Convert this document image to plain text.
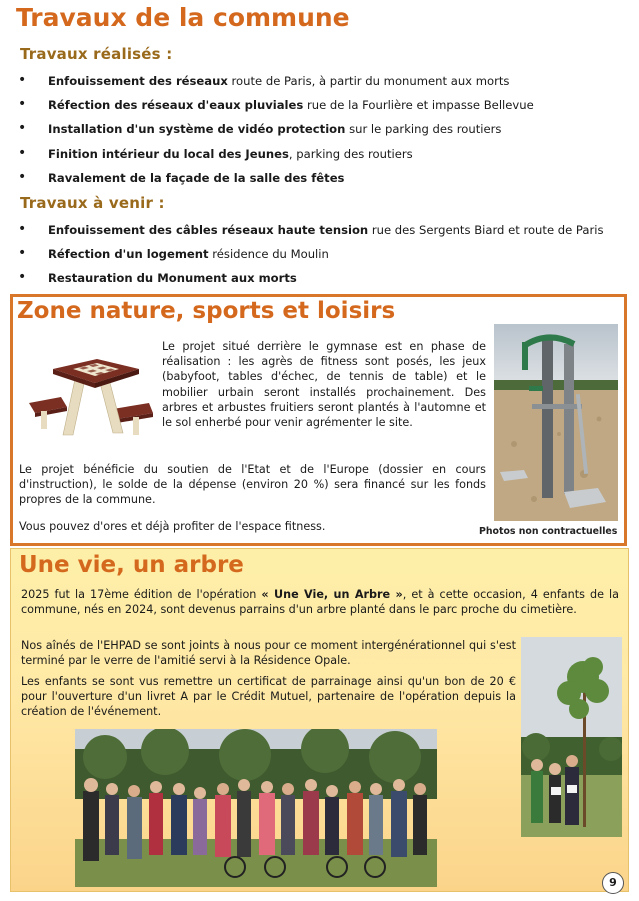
Travaux de la commune
Travaux réalisés :
• Enfouissement des réseaux route de Paris, à partir du monument aux morts
• Réfection des réseaux d'eaux pluviales rue de la Fourlière et impasse Bellevue
• Installation d'un système de vidéo protection sur le parking des routiers
• Finition intérieur du local des Jeunes, parking des routiers
• Ravalement de la façade de la salle des fêtes
Travaux à venir :
• Enfouissement des câbles réseaux haute tension rue des Sergents Biard et route de Paris
• Réfection d'un logement résidence du Moulin
• Restauration du Monument aux morts
Zone nature, sports et loisirs

Le projet situé derrière le gymnase est en phase de réalisation : les agrès de fitness sont posés, les jeux (babyfoot, tables d'échec, de tennis de table) et le mobilier urbain seront installés prochainement. Des arbres et arbustes fruitiers seront plantés à l'automne et le sol enherbé pour venir agrémenter le site.

Le projet bénéficie du soutien de l'Etat et de l'Europe (dossier en cours d'instruction), le solde de la dépense (environ 20 %) sera financé sur les fonds propres de la commune.

Vous pouvez d'ores et déjà profiter de l'espace fitness.	Photos non contractuelles
Une vie, un arbre

2025 fut la 17ème édition de l'opération « Une Vie, un Arbre », et à cette occasion, 4 enfants de la commune, nés en 2024, sont devenus parrains d'un arbre planté dans le parc proche du cimetière.

Nos aînés de l'EHPAD se sont joints à nous pour ce moment intergénérationnel qui s'est terminé par le verre de l'amitié servi à la Résidence Opale.

Les enfants se sont vus remettre un certificat de parrainage ainsi qu'un bon de 20 € pour l'ouverture d'un livret A par le Crédit Mutuel, partenaire de l'opération depuis la création de l'événement.

9
